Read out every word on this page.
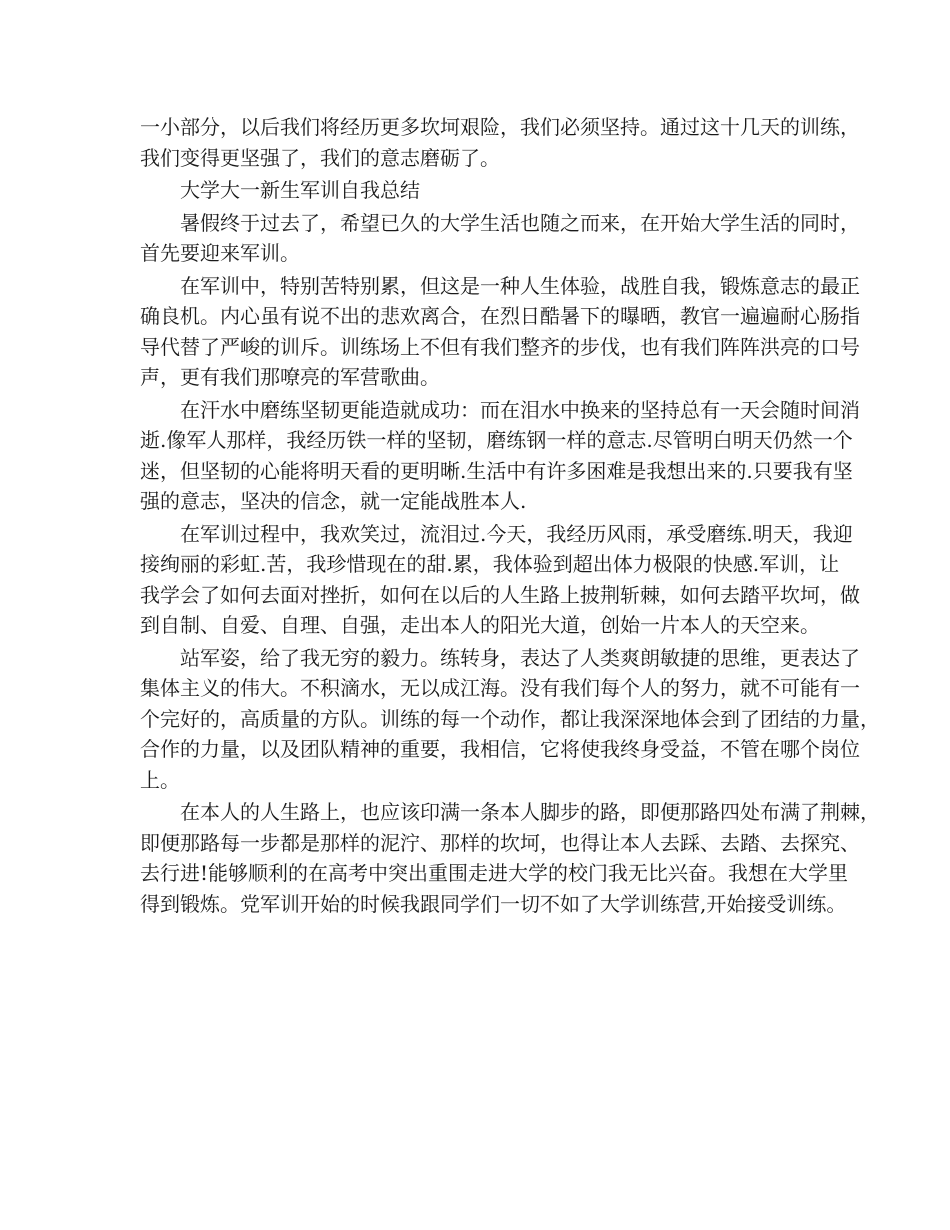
一小部分，以后我们将经历更多坎坷艰险，我们必须坚持。通过这十几天的训练，
我们变得更坚强了，我们的意志磨砺了。

大学大一新生军训自我总结

暑假终于过去了，希望已久的大学生活也随之而来，在开始大学生活的同时，
首先要迎来军训。

在军训中，特别苦特别累，但这是一种人生体验，战胜自我，锻炼意志的最正
确良机。内心虽有说不出的悲欢离合，在烈日酷暑下的曝晒，教官一遍遍耐心肠指
导代替了严峻的训斥。训练场上不但有我们整齐的步伐，也有我们阵阵洪亮的口号
声，更有我们那嘹亮的军营歌曲。

在汗水中磨练坚韧更能造就成功：而在泪水中换来的坚持总有一天会随时间消
逝.像军人那样，我经历铁一样的坚韧，磨练钢一样的意志.尽管明白明天仍然一个
迷，但坚韧的心能将明天看的更明晰.生活中有许多困难是我想出来的.只要我有坚
强的意志，坚决的信念，就一定能战胜本人.

在军训过程中，我欢笑过，流泪过.今天，我经历风雨，承受磨练.明天，我迎
接绚丽的彩虹.苦，我珍惜现在的甜.累，我体验到超出体力极限的快感.军训，让
我学会了如何去面对挫折，如何在以后的人生路上披荆斩棘，如何去踏平坎坷，做
到自制、自爱、自理、自强，走出本人的阳光大道，创始一片本人的天空来。

站军姿，给了我无穷的毅力。练转身，表达了人类爽朗敏捷的思维，更表达了
集体主义的伟大。不积滴水，无以成江海。没有我们每个人的努力，就不可能有一
个完好的，高质量的方队。训练的每一个动作，都让我深深地体会到了团结的力量，
合作的力量，以及团队精神的重要，我相信，它将使我终身受益，不管在哪个岗位
上。

在本人的人生路上，也应该印满一条本人脚步的路，即便那路四处布满了荆棘，
即便那路每一步都是那样的泥泞、那样的坎坷，也得让本人去踩、去踏、去探究、
去行进!能够顺利的在高考中突出重围走进大学的校门我无比兴奋。我想在大学里
得到锻炼。党军训开始的时候我跟同学们一切不如了大学训练营,开始接受训练。
